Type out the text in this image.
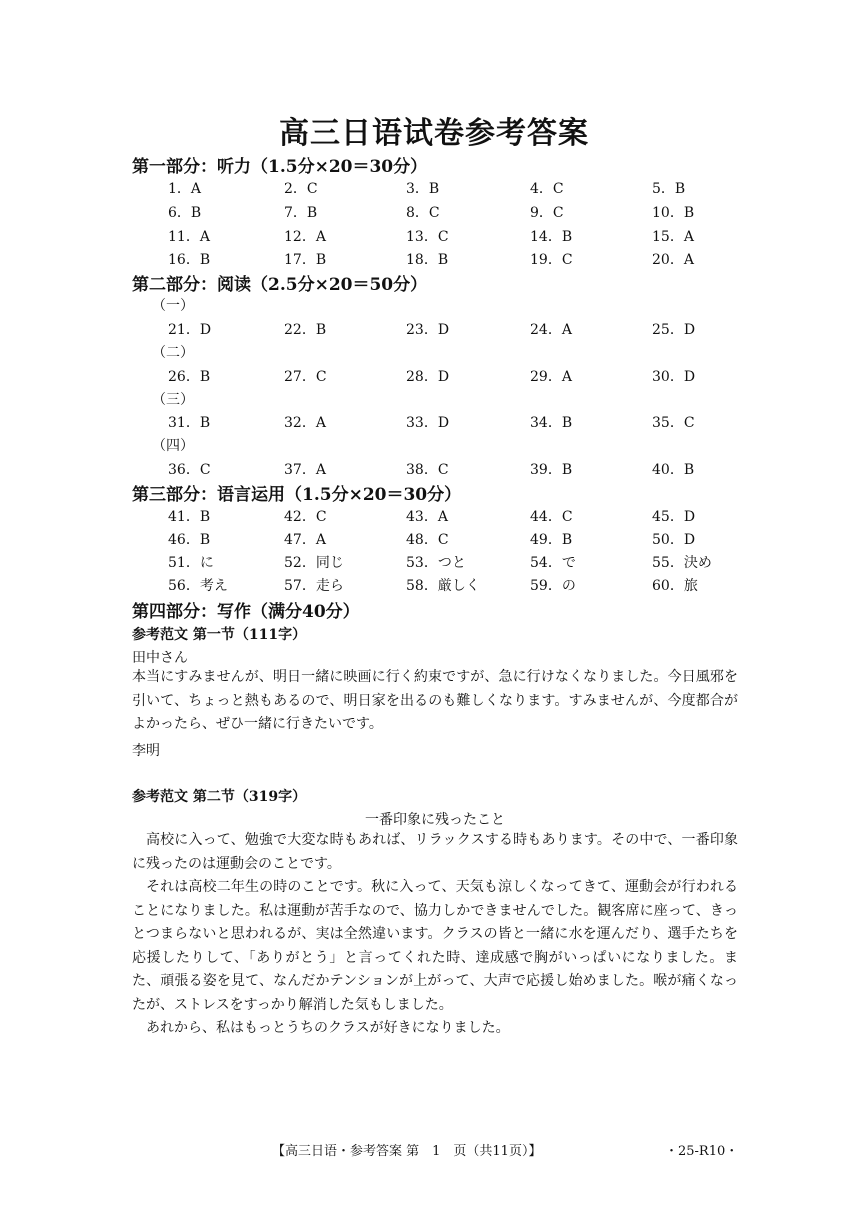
高三日语试卷参考答案
第一部分：听力（1.5分×20＝30分）
1．A	2．C	3．B	4．C	5．B
6．B	7．B	8．C	9．C	10．B
11．A	12．A	13．C	14．B	15．A
16．B	17．B	18．B	19．C	20．A
第二部分：阅读（2.5分×20＝50分）
（一）
21．D	22．B	23．D	24．A	25．D
（二）
26．B	27．C	28．D	29．A	30．D
（三）
31．B	32．A	33．D	34．B	35．C
（四）
36．C	37．A	38．C	39．B	40．B
第三部分：语言运用（1.5分×20＝30分）
41．B	42．C	43．A	44．C	45．D
46．B	47．A	48．C	49．B	50．D
51．に	52．同じ	53．つと	54．で	55．決め
56．考え	57．走ら	58．厳しく	59．の	60．旅
第四部分：写作（满分40分）
参考范文 第一节（111字）
田中さん
本当にすみませんが、明日一緒に映画に行く約束ですが、急に行けなくなりました。今日風邪を引いて、ちょっと熱もあるので、明日家を出るのも難しくなります。すみませんが、今度都合がよかったら、ぜひ一緒に行きたいです。
李明
参考范文 第二节（319字）
一番印象に残ったこと
高校に入って、勉強で大変な時もあれば、リラックスする時もあります。その中で、一番印象に残ったのは運動会のことです。
それは高校二年生の時のことです。秋に入って、天気も涼しくなってきて、運動会が行われることになりました。私は運動が苦手なので、協力しかできませんでした。観客席に座って、きっとつまらないと思われるが、実は全然違います。クラスの皆と一緒に水を運んだり、選手たちを応援したりして、「ありがとう」と言ってくれた時、達成感で胸がいっぱいになりました。また、頑張る姿を見て、なんだかテンションが上がって、大声で応援し始めました。喉が痛くなったが、ストレスをすっかり解消した気もしました。
あれから、私はもっとうちのクラスが好きになりました。
【高三日语・参考答案 第　1　页（共11页）】	・25-R10・
